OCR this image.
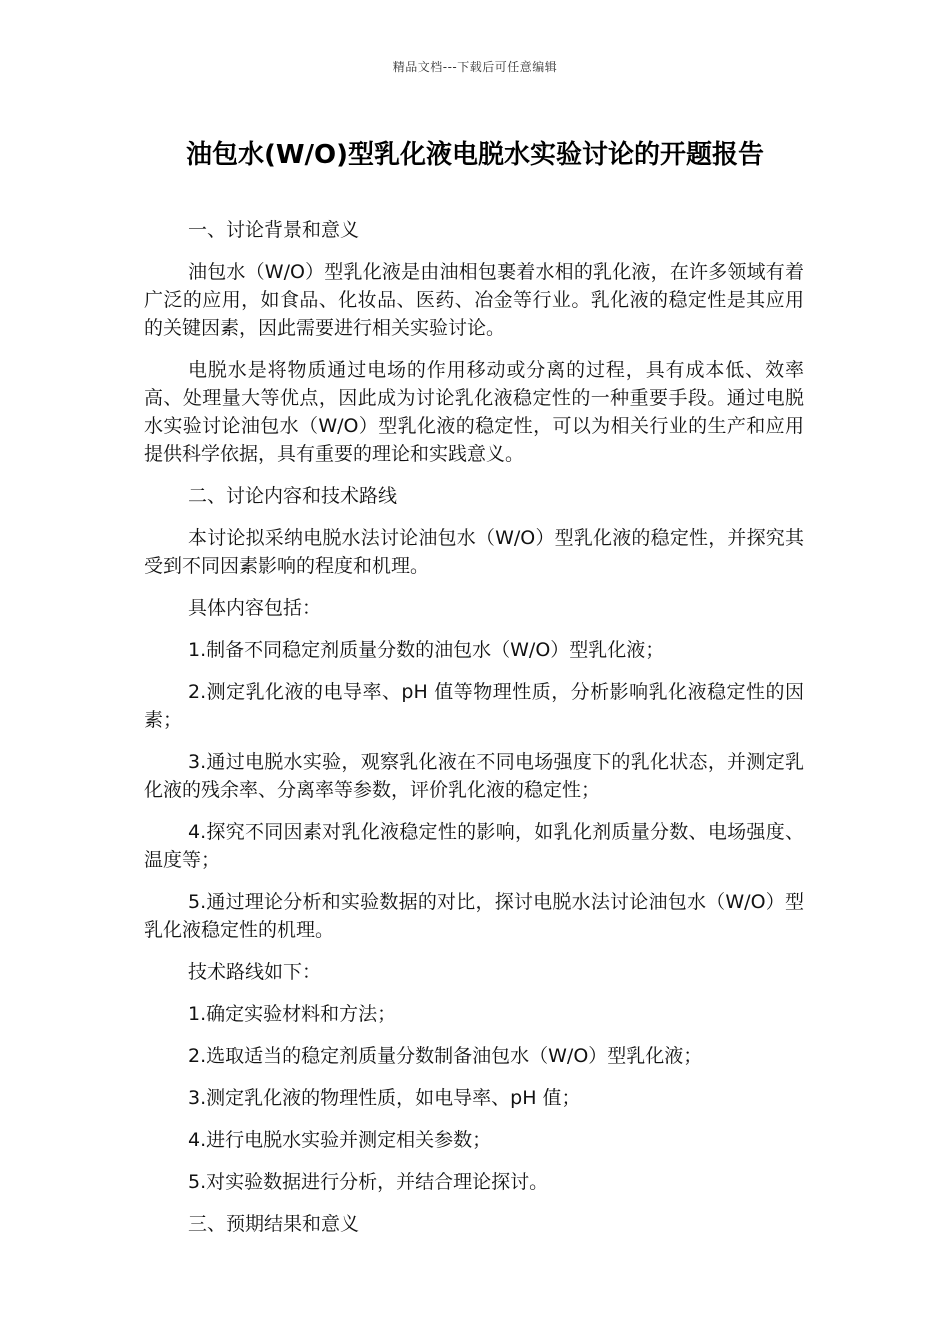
精品文档---下载后可任意编辑
油包水(W/O)型乳化液电脱水实验讨论的开题报告

一、讨论背景和意义

油包水（W/O）型乳化液是由油相包裹着水相的乳化液，在许多领域有着广泛的应用，如食品、化妆品、医药、冶金等行业。乳化液的稳定性是其应用的关键因素，因此需要进行相关实验讨论。

电脱水是将物质通过电场的作用移动或分离的过程，具有成本低、效率高、处理量大等优点，因此成为讨论乳化液稳定性的一种重要手段。通过电脱水实验讨论油包水（W/O）型乳化液的稳定性，可以为相关行业的生产和应用提供科学依据，具有重要的理论和实践意义。

二、讨论内容和技术路线

本讨论拟采纳电脱水法讨论油包水（W/O）型乳化液的稳定性，并探究其受到不同因素影响的程度和机理。

具体内容包括：

1.制备不同稳定剂质量分数的油包水（W/O）型乳化液；

2.测定乳化液的电导率、pH 值等物理性质，分析影响乳化液稳定性的因素；

3.通过电脱水实验，观察乳化液在不同电场强度下的乳化状态，并测定乳化液的残余率、分离率等参数，评价乳化液的稳定性；

4.探究不同因素对乳化液稳定性的影响，如乳化剂质量分数、电场强度、温度等；

5.通过理论分析和实验数据的对比，探讨电脱水法讨论油包水（W/O）型乳化液稳定性的机理。

技术路线如下：

1.确定实验材料和方法；

2.选取适当的稳定剂质量分数制备油包水（W/O）型乳化液；

3.测定乳化液的物理性质，如电导率、pH 值；

4.进行电脱水实验并测定相关参数；

5.对实验数据进行分析，并结合理论探讨。

三、预期结果和意义
